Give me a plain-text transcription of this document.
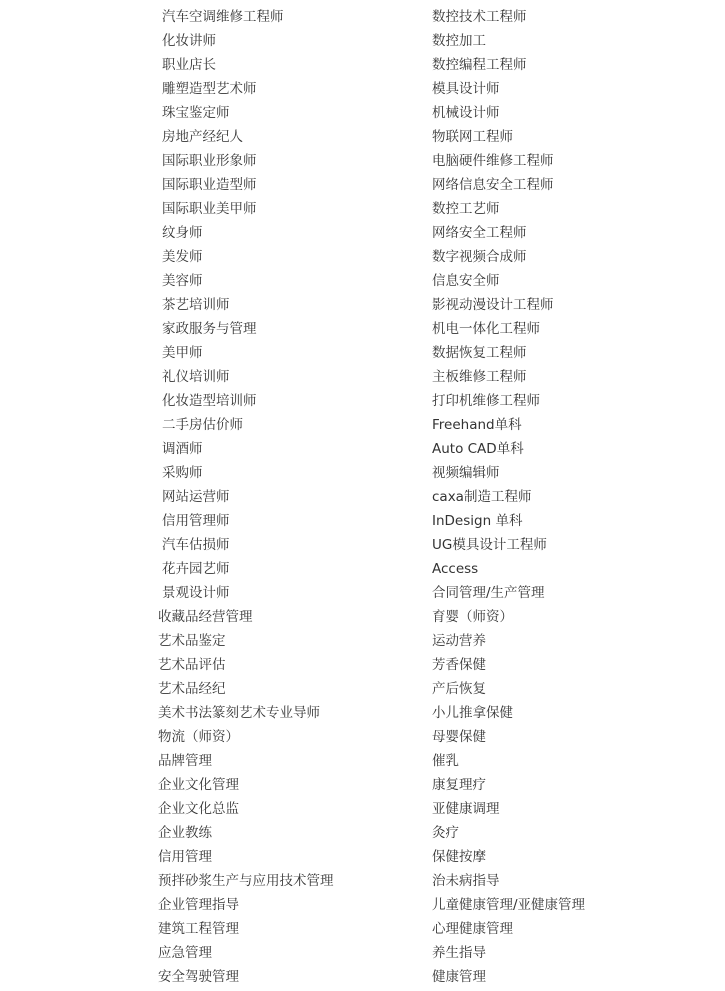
汽车空调维修工程师
化妆讲师
职业店长
雕塑造型艺术师
珠宝鉴定师
房地产经纪人
国际职业形象师
国际职业造型师
国际职业美甲师
纹身师
美发师
美容师
茶艺培训师
家政服务与管理
美甲师
礼仪培训师
化妆造型培训师
二手房估价师
调酒师
采购师
网站运营师
信用管理师
汽车估损师
花卉园艺师
景观设计师
收藏品经营管理
艺术品鉴定
艺术品评估
艺术品经纪
美术书法篆刻艺术专业导师
物流（师资）
品牌管理
企业文化管理
企业文化总监
企业教练
信用管理
预拌砂浆生产与应用技术管理
企业管理指导
建筑工程管理
应急管理
安全驾驶管理
数控技术工程师
数控加工
数控编程工程师
模具设计师
机械设计师
物联网工程师
电脑硬件维修工程师
网络信息安全工程师
数控工艺师
网络安全工程师
数字视频合成师
信息安全师
影视动漫设计工程师
机电一体化工程师
数据恢复工程师
主板维修工程师
打印机维修工程师
Freehand单科
Auto CAD单科
视频编辑师
caxa制造工程师
InDesign 单科
UG模具设计工程师
Access
合同管理/生产管理
育婴（师资）
运动营养
芳香保健
产后恢复
小儿推拿保健
母婴保健
催乳
康复理疗
亚健康调理
灸疗
保健按摩
治未病指导
儿童健康管理/亚健康管理
心理健康管理
养生指导
健康管理
